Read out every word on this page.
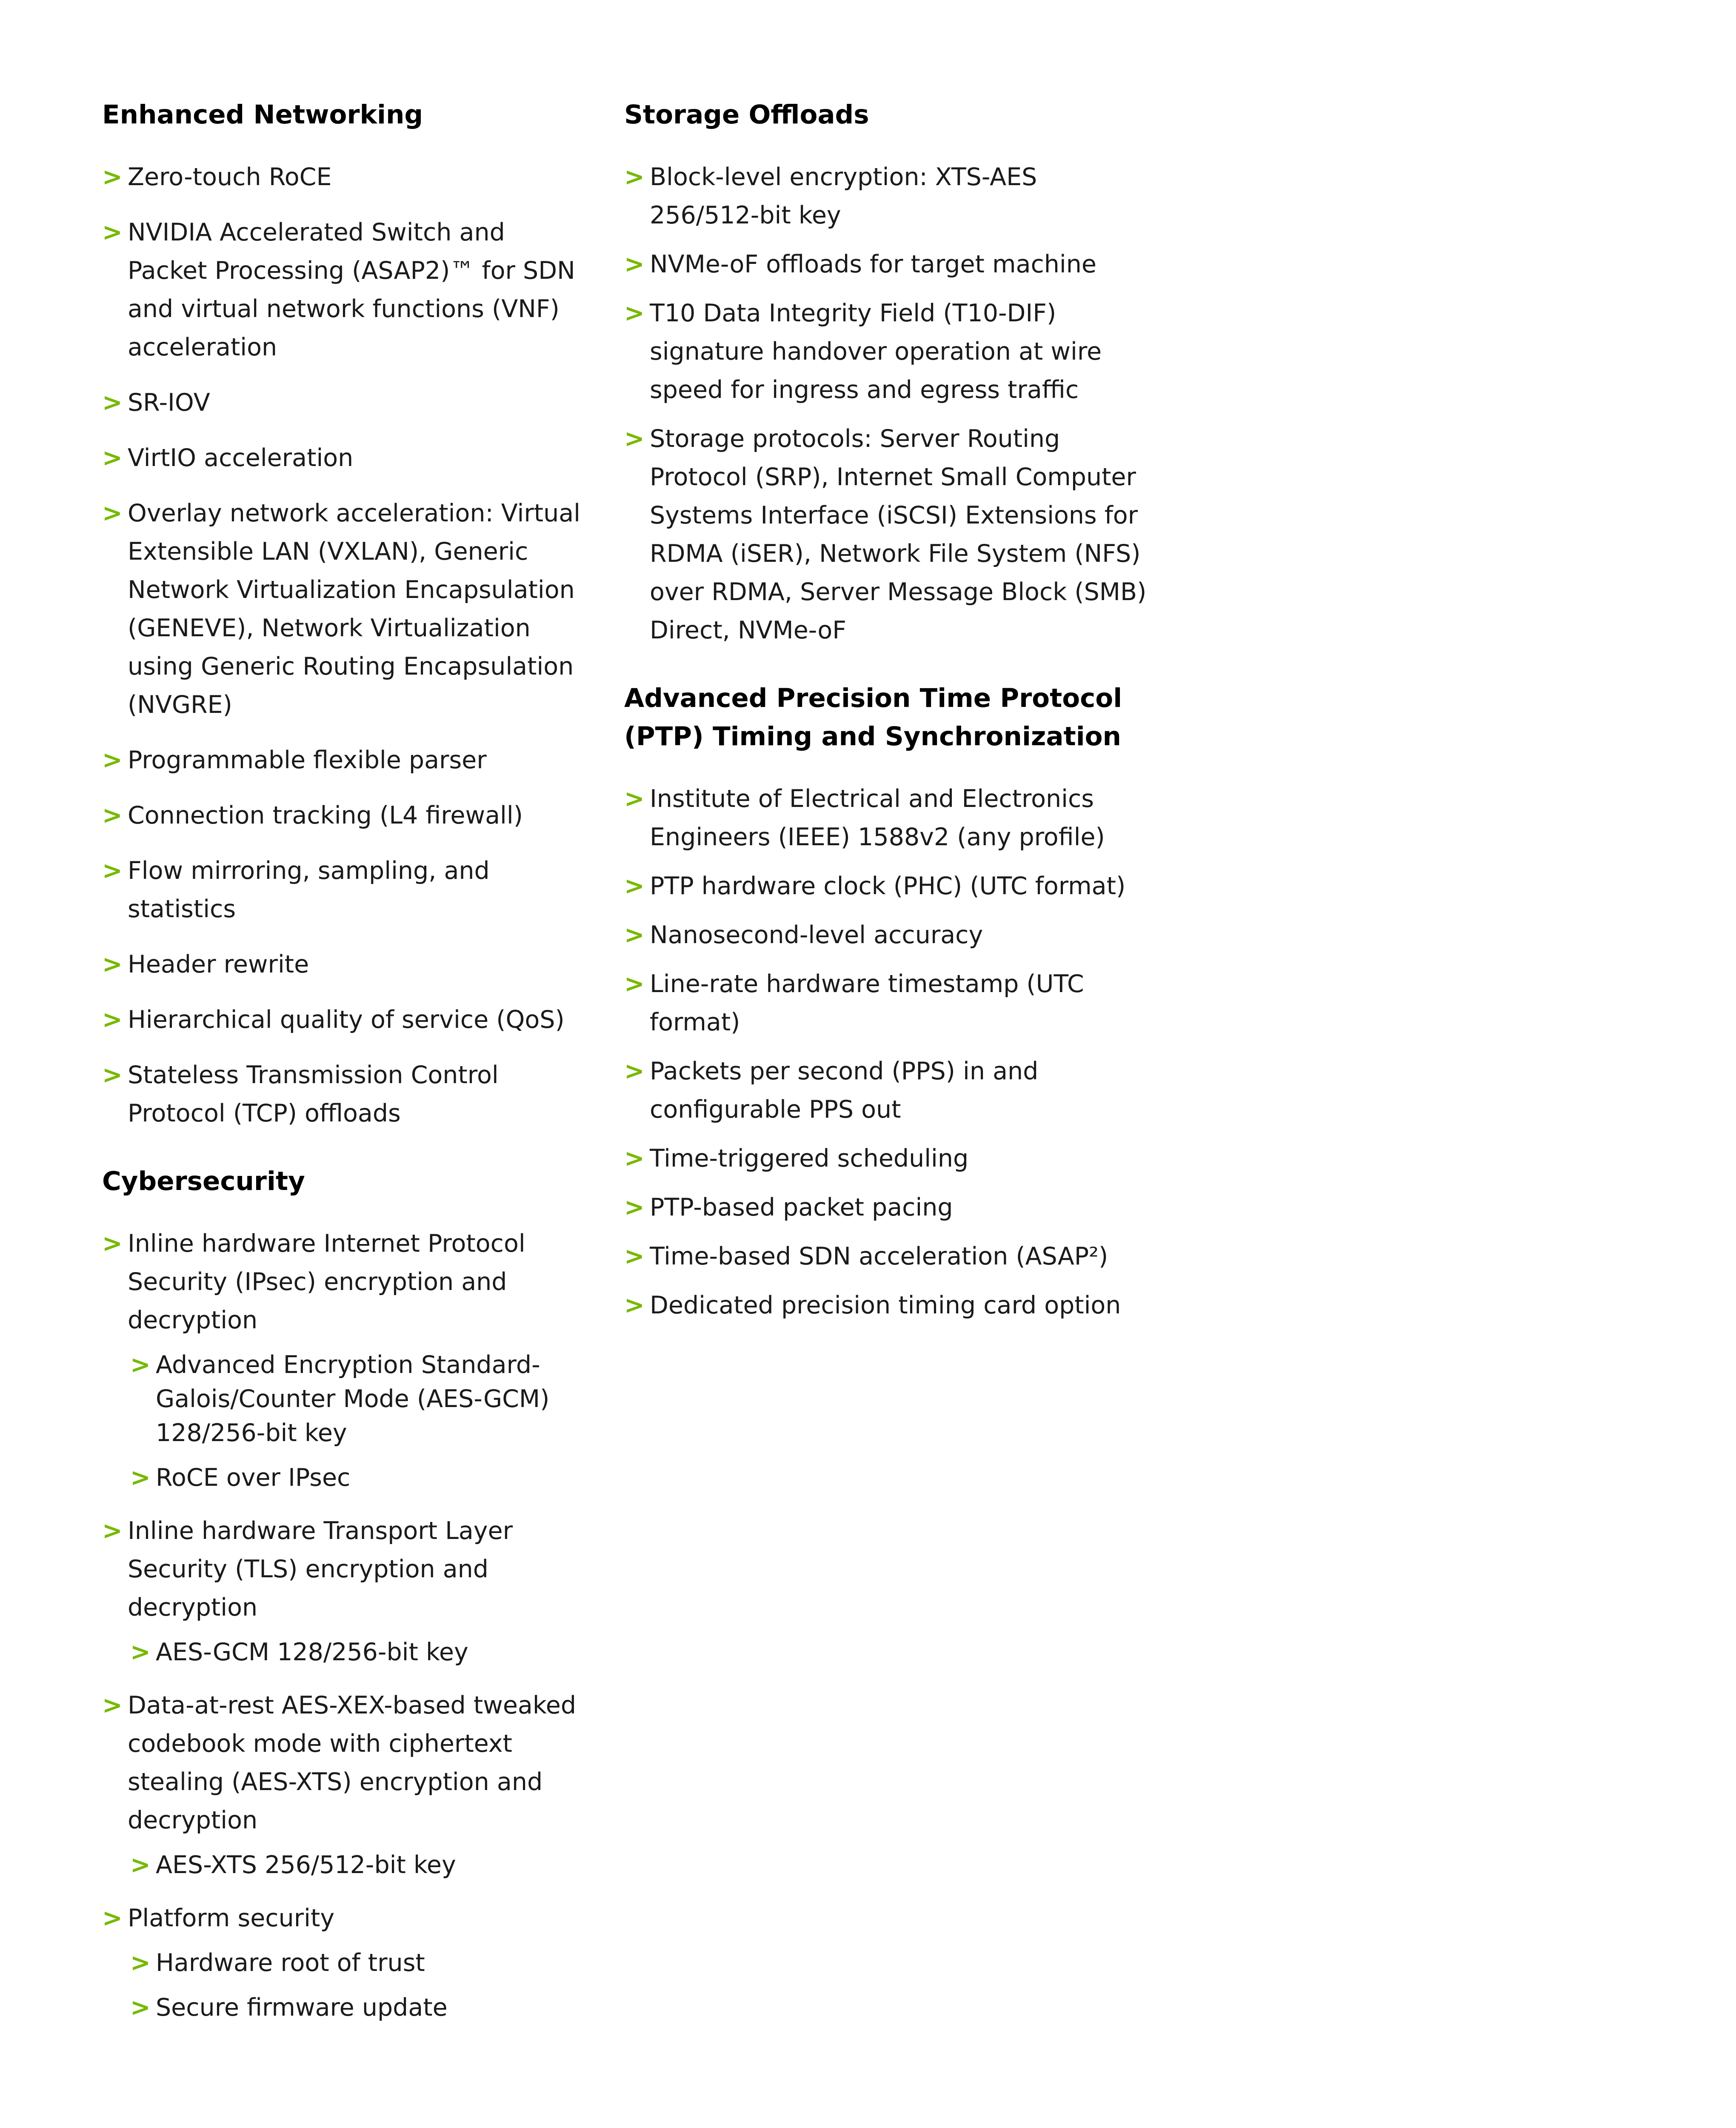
Enhanced Networking
> Zero-touch RoCE
> NVIDIA Accelerated Switch and Packet Processing (ASAP2)™ for SDN and virtual network functions (VNF) acceleration
> SR-IOV
> VirtIO acceleration
> Overlay network acceleration: Virtual Extensible LAN (VXLAN), Generic Network Virtualization Encapsulation (GENEVE), Network Virtualization using Generic Routing Encapsulation (NVGRE)
> Programmable flexible parser
> Connection tracking (L4 firewall)
> Flow mirroring, sampling, and statistics
> Header rewrite
> Hierarchical quality of service (QoS)
> Stateless Transmission Control Protocol (TCP) offloads
Cybersecurity
> Inline hardware Internet Protocol Security (IPsec) encryption and decryption
> Advanced Encryption Standard-Galois/Counter Mode (AES-GCM) 128/256-bit key
> RoCE over IPsec
> Inline hardware Transport Layer Security (TLS) encryption and decryption
> AES-GCM 128/256-bit key
> Data-at-rest AES-XEX-based tweaked codebook mode with ciphertext stealing (AES-XTS) encryption and decryption
> AES-XTS 256/512-bit key
> Platform security
> Hardware root of trust
> Secure firmware update
Storage Offloads
> Block-level encryption: XTS-AES 256/512-bit key
> NVMe-oF offloads for target machine
> T10 Data Integrity Field (T10-DIF) signature handover operation at wire speed for ingress and egress traffic
> Storage protocols: Server Routing Protocol (SRP), Internet Small Computer Systems Interface (iSCSI) Extensions for RDMA (iSER), Network File System (NFS) over RDMA, Server Message Block (SMB) Direct, NVMe-oF
Advanced Precision Time Protocol (PTP) Timing and Synchronization
> Institute of Electrical and Electronics Engineers (IEEE) 1588v2 (any profile)
> PTP hardware clock (PHC) (UTC format)
> Nanosecond-level accuracy
> Line-rate hardware timestamp (UTC format)
> Packets per second (PPS) in and configurable PPS out
> Time-triggered scheduling
> PTP-based packet pacing
> Time-based SDN acceleration (ASAP²)
> Dedicated precision timing card option
